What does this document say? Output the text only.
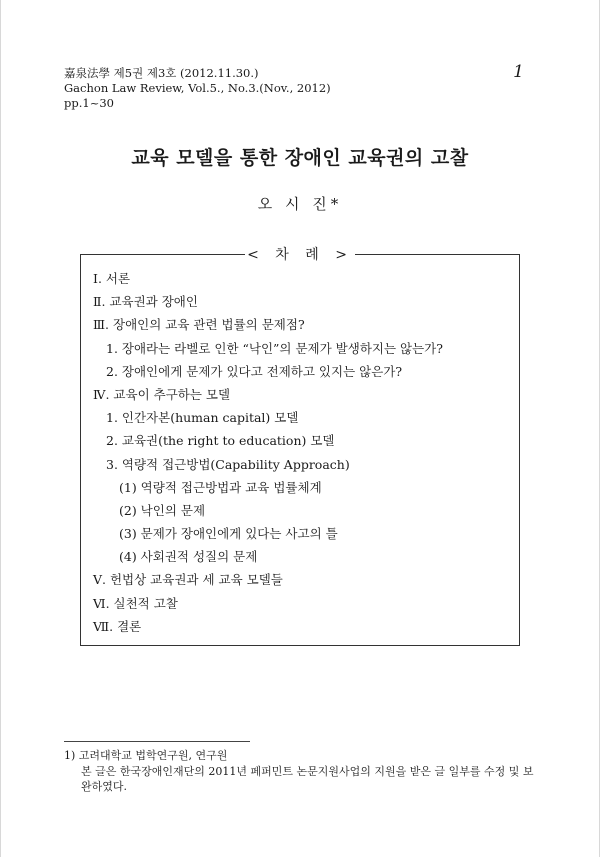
嘉泉法學 제5권 제3호 (2012.11.30.)
Gachon Law Review, Vol.5., No.3.(Nov., 2012)
pp.1~30
1
교육 모델을 통한 장애인 교육권의 고찰
오 시 진*
< 차 례 >
Ⅰ. 서론
Ⅱ. 교육권과 장애인
Ⅲ. 장애인의 교육 관련 법률의 문제점?
1. 장애라는 라벨로 인한 “낙인”의 문제가 발생하지는 않는가?
2. 장애인에게 문제가 있다고 전제하고 있지는 않은가?
Ⅳ. 교육이 추구하는 모델
1. 인간자본(human capital) 모델
2. 교육권(the right to education) 모델
3. 역량적 접근방법(Capability Approach)
(1) 역량적 접근방법과 교육 법률체계
(2) 낙인의 문제
(3) 문제가 장애인에게 있다는 사고의 틀
(4) 사회권적 성질의 문제
Ⅴ. 헌법상 교육권과 세 교육 모델들
Ⅵ. 실천적 고찰
Ⅶ. 결론
1) 고려대학교 법학연구원, 연구원
본 글은 한국장애인재단의 2011년 페퍼민트 논문지원사업의 지원을 받은 글 일부를 수정 및 보완하였다.
